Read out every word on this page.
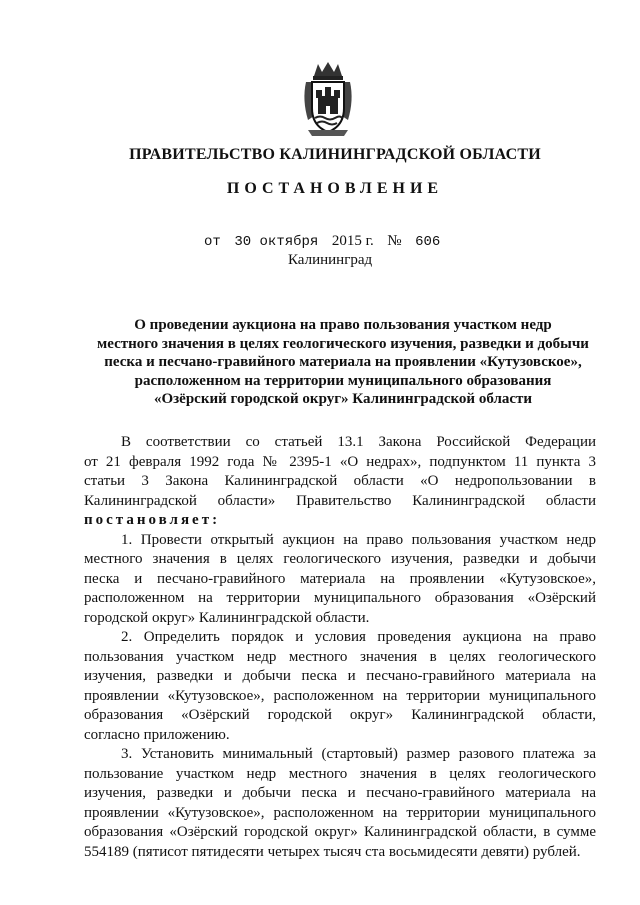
ПРАВИТЕЛЬСТВО КАЛИНИНГРАДСКОЙ ОБЛАСТИ
ПОСТАНОВЛЕНИЕ
от 30 октября 2015 г. № 606
Калининград
О проведении аукциона на право пользования участком недр
местного значения в целях геологического изучения, разведки и добычи
песка и песчано-гравийного материала на проявлении «Кутузовское»,
расположенном на территории муниципального образования
«Озёрский городской округ» Калининградской области
В соответствии со статьей 13.1 Закона Российской Федерации
от 21 февраля 1992 года № 2395-1 «О недрах», подпунктом 11 пункта 3
статьи 3 Закона Калининградской области «О недропользовании в
Калининградской области» Правительство Калининградской области
постановляет:
1. Провести открытый аукцион на право пользования участком недр
местного значения в целях геологического изучения, разведки и добычи
песка и песчано-гравийного материала на проявлении «Кутузовское»,
расположенном на территории муниципального образования «Озёрский
городской округ» Калининградской области.
2. Определить порядок и условия проведения аукциона на право
пользования участком недр местного значения в целях геологического
изучения, разведки и добычи песка и песчано-гравийного материала на
проявлении «Кутузовское», расположенном на территории муниципального
образования «Озёрский городской округ» Калининградской области,
согласно приложению.
3. Установить минимальный (стартовый) размер разового платежа за
пользование участком недр местного значения в целях геологического
изучения, разведки и добычи песка и песчано-гравийного материала на
проявлении «Кутузовское», расположенном на территории муниципального
образования «Озёрский городской округ» Калининградской области, в сумме
554189 (пятисот пятидесяти четырех тысяч ста восьмидесяти девяти) рублей.
